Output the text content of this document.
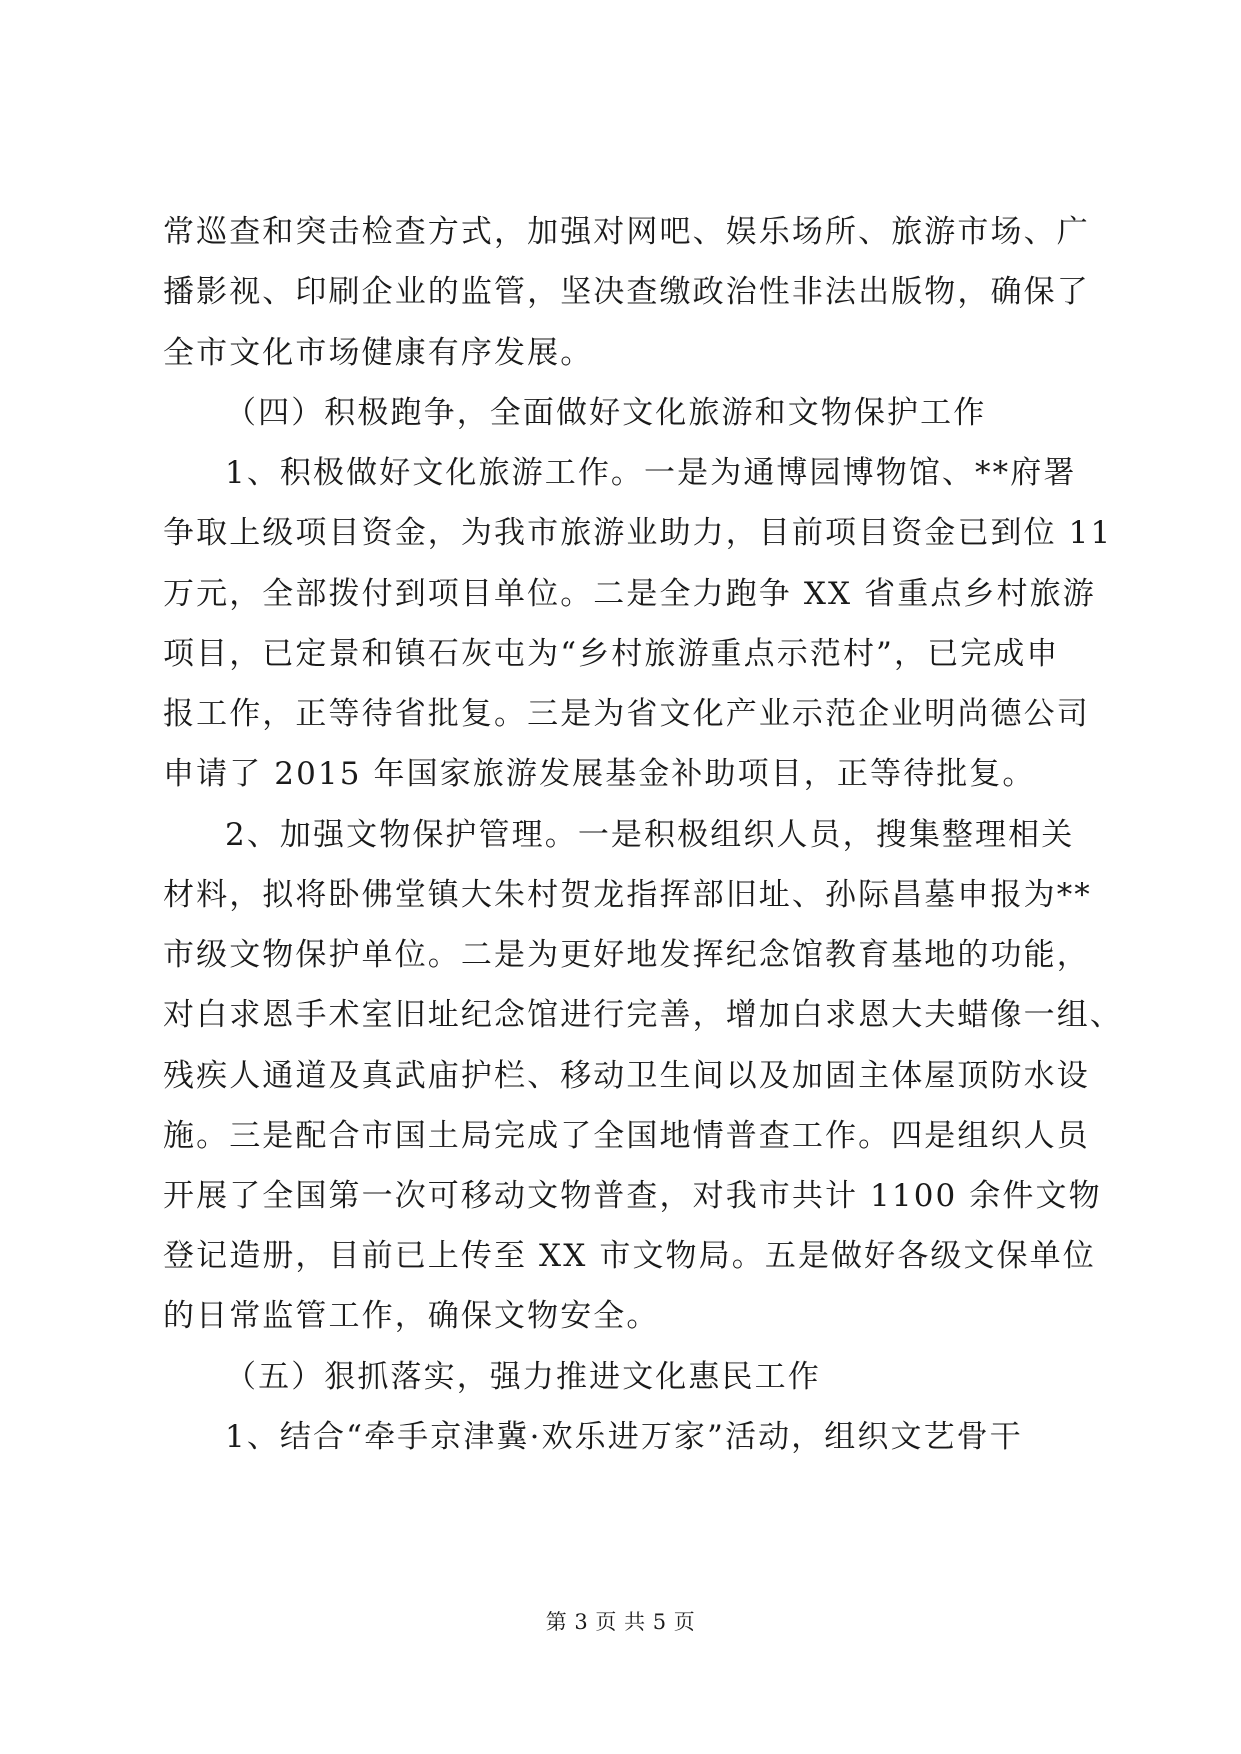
常巡查和突击检查方式，加强对网吧、娱乐场所、旅游市场、广
播影视、印刷企业的监管，坚决查缴政治性非法出版物，确保了
全市文化市场健康有序发展。
（四）积极跑争，全面做好文化旅游和文物保护工作
1、积极做好文化旅游工作。一是为通博园博物馆、**府署
争取上级项目资金，为我市旅游业助力，目前项目资金已到位 11
万元，全部拨付到项目单位。二是全力跑争 XX 省重点乡村旅游
项目，已定景和镇石灰屯为“乡村旅游重点示范村”，已完成申
报工作，正等待省批复。三是为省文化产业示范企业明尚德公司
申请了 2015 年国家旅游发展基金补助项目，正等待批复。
2、加强文物保护管理。一是积极组织人员，搜集整理相关
材料，拟将卧佛堂镇大朱村贺龙指挥部旧址、孙际昌墓申报为**
市级文物保护单位。二是为更好地发挥纪念馆教育基地的功能，
对白求恩手术室旧址纪念馆进行完善，增加白求恩大夫蜡像一组、
残疾人通道及真武庙护栏、移动卫生间以及加固主体屋顶防水设
施。三是配合市国土局完成了全国地情普查工作。四是组织人员
开展了全国第一次可移动文物普查，对我市共计 1100 余件文物
登记造册，目前已上传至 XX 市文物局。五是做好各级文保单位
的日常监管工作，确保文物安全。
（五）狠抓落实，强力推进文化惠民工作
1、结合“牵手京津冀·欢乐进万家”活动，组织文艺骨干
第 3 页 共 5 页
